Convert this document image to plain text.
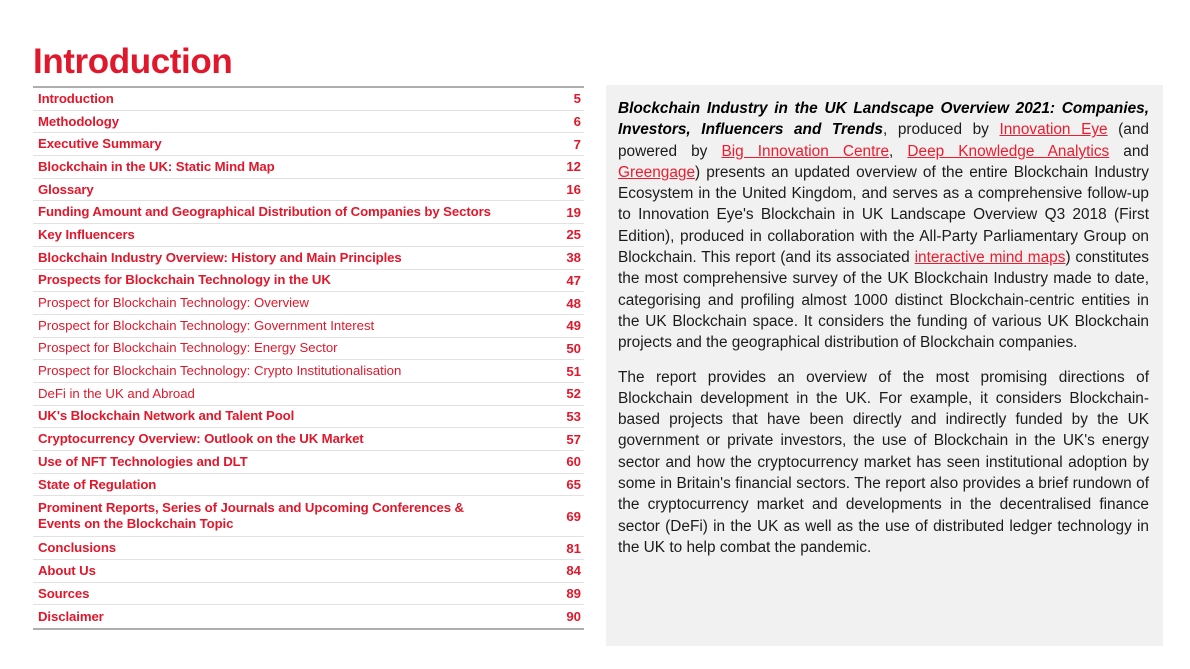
Introduction
Introduction	5
Methodology	6
Executive Summary	7
Blockchain in the UK: Static Mind Map	12
Glossary	16
Funding Amount and Geographical Distribution of Companies by Sectors	19
Key Influencers	25
Blockchain Industry Overview: History and Main Principles	38
Prospects for Blockchain Technology in the UK	47
Prospect for Blockchain Technology: Overview	48
Prospect for Blockchain Technology: Government Interest	49
Prospect for Blockchain Technology: Energy Sector	50
Prospect for Blockchain Technology: Crypto Institutionalisation	51
DeFi in the UK and Abroad	52
UK's Blockchain Network and Talent Pool	53
Cryptocurrency Overview: Outlook on the UK Market	57
Use of NFT Technologies and DLT	60
State of Regulation	65
Prominent Reports, Series of Journals and Upcoming Conferences & Events on the Blockchain Topic	69
Conclusions	81
About Us	84
Sources	89
Disclaimer	90

Blockchain Industry in the UK Landscape Overview 2021: Companies, Investors, Influencers and Trends, produced by Innovation Eye (and powered by Big Innovation Centre, Deep Knowledge Analytics and Greengage) presents an updated overview of the entire Blockchain Industry Ecosystem in the United Kingdom, and serves as a comprehensive follow-up to Innovation Eye's Blockchain in UK Landscape Overview Q3 2018 (First Edition), produced in collaboration with the All-Party Parliamentary Group on Blockchain. This report (and its associated interactive mind maps) constitutes the most comprehensive survey of the UK Blockchain Industry made to date, categorising and profiling almost 1000 distinct Blockchain-centric entities in the UK Blockchain space. It considers the funding of various UK Blockchain projects and the geographical distribution of Blockchain companies.

The report provides an overview of the most promising directions of Blockchain development in the UK. For example, it considers Blockchain-based projects that have been directly and indirectly funded by the UK government or private investors, the use of Blockchain in the UK's energy sector and how the cryptocurrency market has seen institutional adoption by some in Britain's financial sectors. The report also provides a brief rundown of the cryptocurrency market and developments in the decentralised finance sector (DeFi) in the UK as well as the use of distributed ledger technology in the UK to help combat the pandemic.
